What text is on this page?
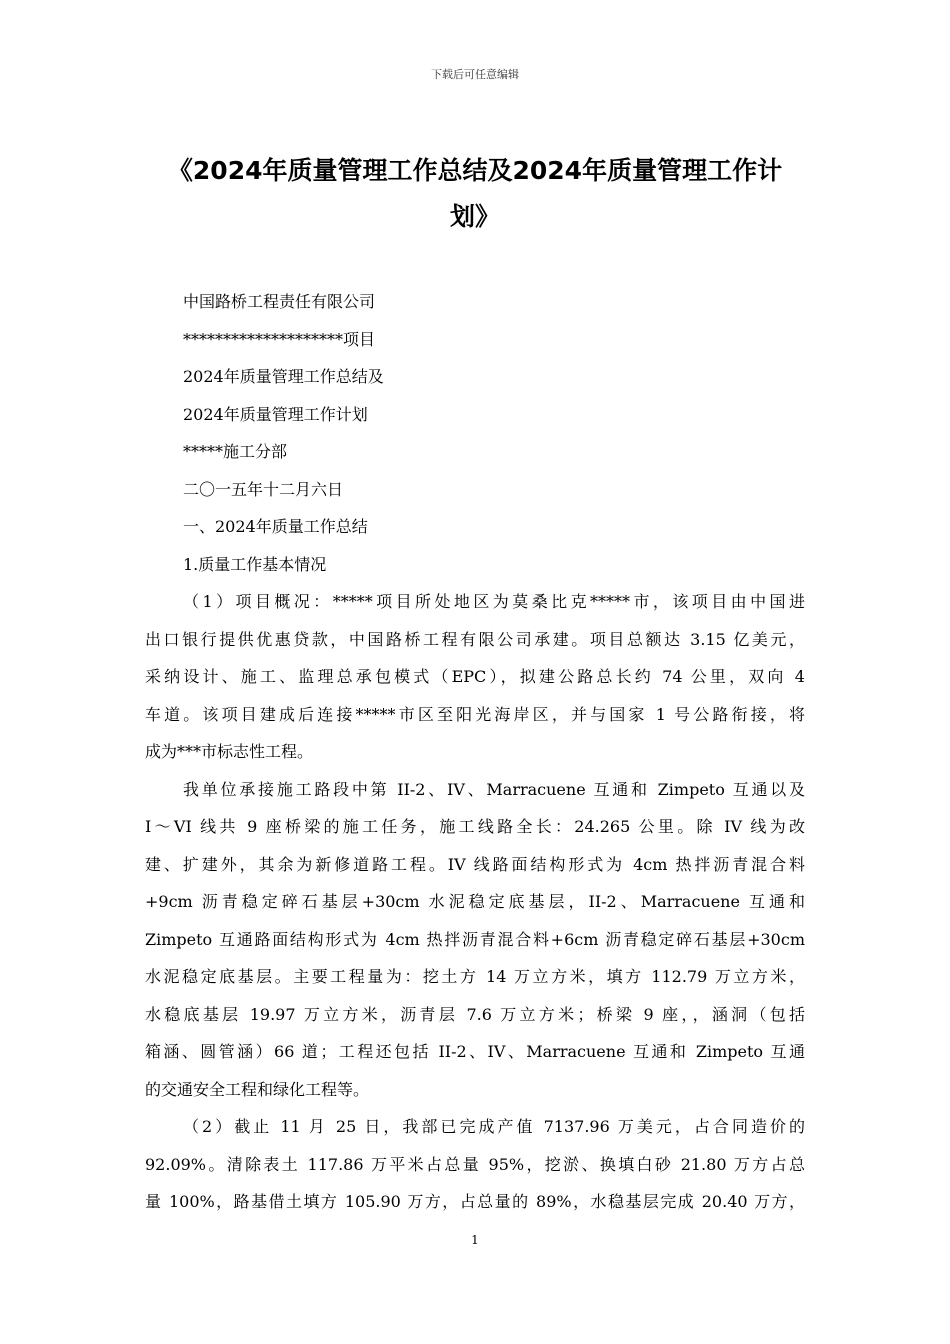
下载后可任意编辑
《2024年质量管理工作总结及2024年质量管理工作计
划》
中国路桥工程责任有限公司
********************项目
2024年质量管理工作总结及
2024年质量管理工作计划
*****施工分部
二〇一五年十二月六日
一、2024年质量工作总结
1.质量工作基本情况
（1）项目概况：*****项目所处地区为莫桑比克*****市，该项目由中国进
出口银行提供优惠贷款，中国路桥工程有限公司承建。项目总额达 3.15 亿美元，
采纳设计、施工、监理总承包模式（EPC），拟建公路总长约 74 公里，双向 4
车道。该项目建成后连接*****市区至阳光海岸区，并与国家 1 号公路衔接，将
成为***市标志性工程。
我单位承接施工路段中第 II-2、IV、Marracuene 互通和 Zimpeto 互通以及
Ⅰ～VI 线共 9 座桥梁的施工任务，施工线路全长：24.265 公里。除 IV 线为改
建、扩建外，其余为新修道路工程。IV 线路面结构形式为 4cm 热拌沥青混合料
+9cm 沥青稳定碎石基层+30cm 水泥稳定底基层，II-2、Marracuene 互通和
Zimpeto 互通路面结构形式为 4cm 热拌沥青混合料+6cm 沥青稳定碎石基层+30cm
水泥稳定底基层。主要工程量为：挖土方 14 万立方米，填方 112.79 万立方米，
水稳底基层 19.97 万立方米，沥青层 7.6 万立方米；桥梁 9 座，，涵洞（包括
箱涵、圆管涵）66 道；工程还包括 II-2、IV、Marracuene 互通和 Zimpeto 互通
的交通安全工程和绿化工程等。
（2）截止 11 月 25 日，我部已完成产值 7137.96 万美元，占合同造价的
92.09%。清除表土 117.86 万平米占总量 95%，挖淤、换填白砂 21.80 万方占总
量 100%，路基借土填方 105.90 万方，占总量的 89%，水稳基层完成 20.40 万方，
1
